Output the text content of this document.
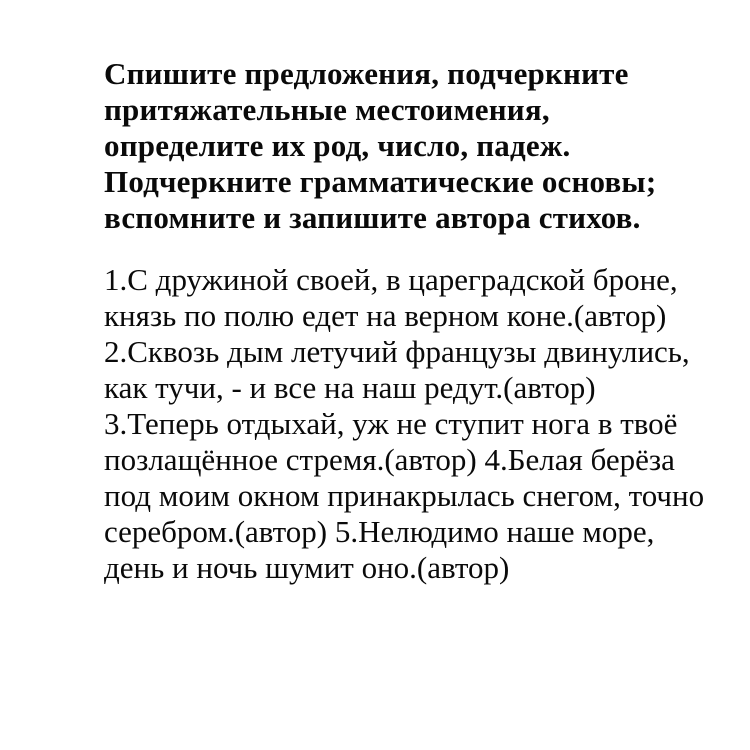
Спишите предложения, подчеркните
притяжательные местоимения,
определите их род, число, падеж.
Подчеркните грамматические основы;
вспомните и запишите автора стихов.
1.С дружиной своей, в цареградской броне,
князь по полю едет на верном коне.(автор)
2.Сквозь дым летучий французы двинулись,
как тучи, - и все на наш редут.(автор)
3.Теперь отдыхай, уж не ступит нога в твоё
позлащённое стремя.(автор) 4.Белая берёза
под моим окном принакрылась снегом, точно
серебром.(автор) 5.Нелюдимо наше море,
день и ночь шумит оно.(автор)
